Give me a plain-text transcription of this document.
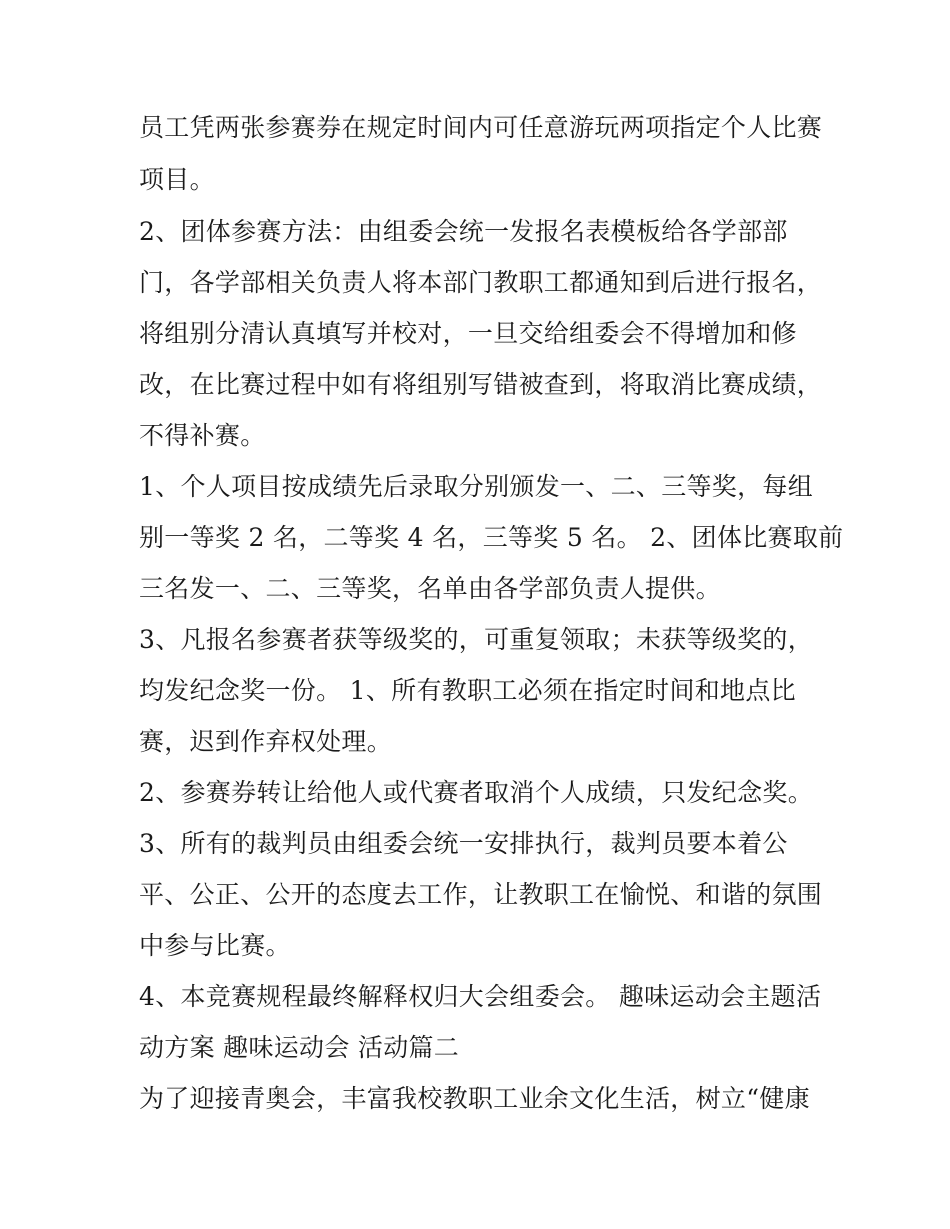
员工凭两张参赛券在规定时间内可任意游玩两项指定个人比赛
项目。
2、团体参赛方法：由组委会统一发报名表模板给各学部部
门，各学部相关负责人将本部门教职工都通知到后进行报名，
将组别分清认真填写并校对，一旦交给组委会不得增加和修
改，在比赛过程中如有将组别写错被查到，将取消比赛成绩，
不得补赛。
1、个人项目按成绩先后录取分别颁发一、二、三等奖，每组
别一等奖 2 名，二等奖 4 名，三等奖 5 名。 2、团体比赛取前
三名发一、二、三等奖，名单由各学部负责人提供。
3、凡报名参赛者获等级奖的，可重复领取；未获等级奖的，
均发纪念奖一份。 1、所有教职工必须在指定时间和地点比
赛，迟到作弃权处理。
2、参赛券转让给他人或代赛者取消个人成绩，只发纪念奖。
3、所有的裁判员由组委会统一安排执行，裁判员要本着公
平、公正、公开的态度去工作，让教职工在愉悦、和谐的氛围
中参与比赛。
4、本竞赛规程最终解释权归大会组委会。 趣味运动会主题活
动方案 趣味运动会 活动篇二
为了迎接青奥会，丰富我校教职工业余文化生活，树立“健康
